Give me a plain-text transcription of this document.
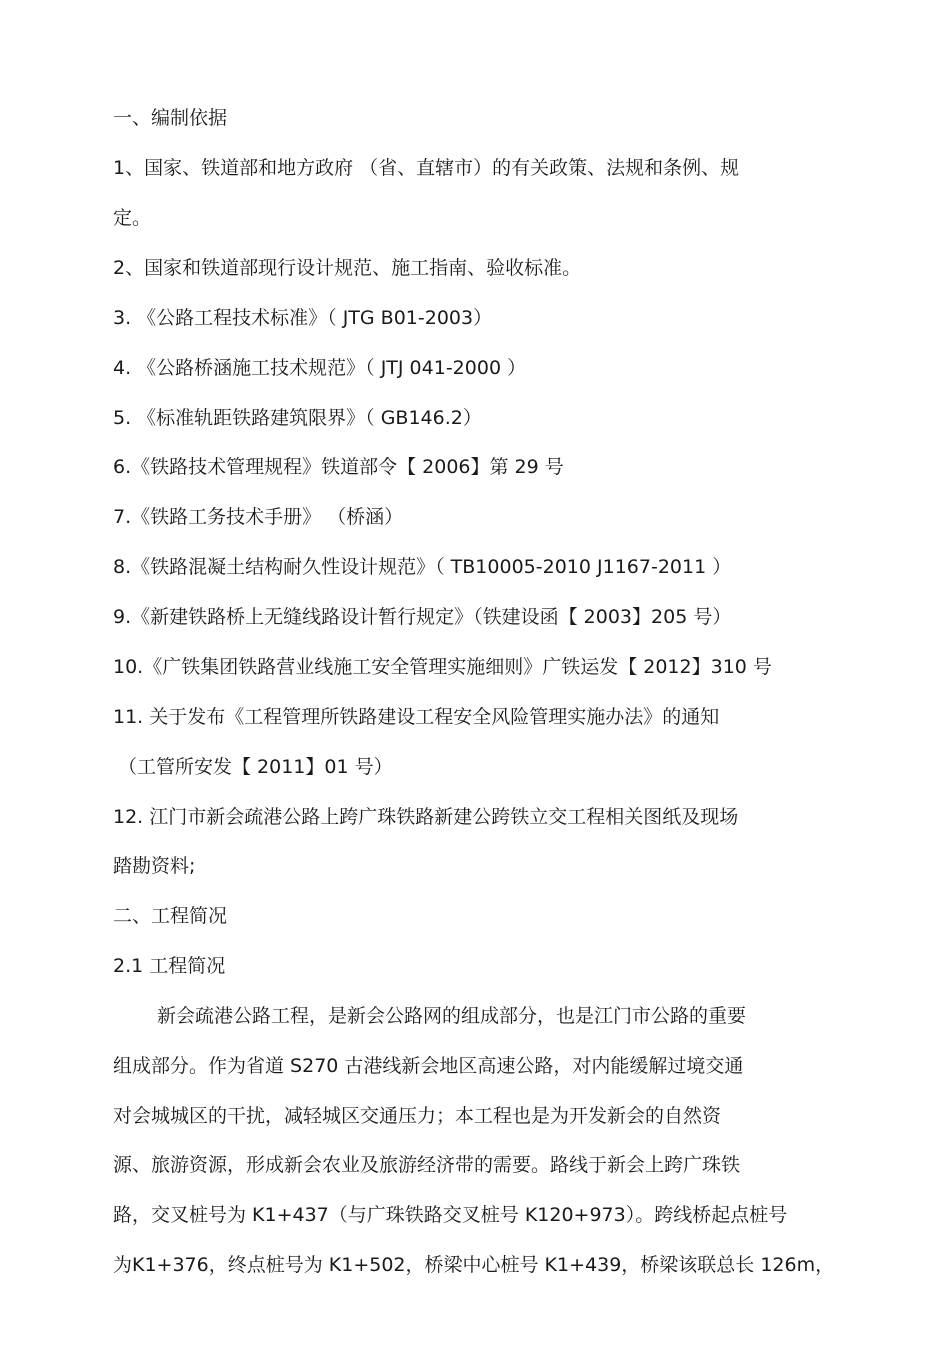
一、编制依据
1、国家、铁道部和地方政府 （省、直辖市）的有关政策、法规和条例、规
定。
2、国家和铁道部现行设计规范、施工指南、验收标准。
3. 《公路工程技术标准》（ JTG B01-2003）
4. 《公路桥涵施工技术规范》（ JTJ 041-2000 ）
5. 《标准轨距铁路建筑限界》（ GB146.2）
6.《铁路技术管理规程》铁道部令【 2006】第 29 号
7.《铁路工务技术手册》 （桥涵）
8.《铁路混凝土结构耐久性设计规范》（ TB10005-2010 J1167-2011 ）
9.《新建铁路桥上无缝线路设计暂行规定》（铁建设函【 2003】205 号）
10.《广铁集团铁路营业线施工安全管理实施细则》广铁运发【 2012】310 号
11. 关于发布《工程管理所铁路建设工程安全风险管理实施办法》的通知
（工管所安发【 2011】01 号）
12. 江门市新会疏港公路上跨广珠铁路新建公跨铁立交工程相关图纸及现场
踏勘资料;
二、工程简况
2.1 工程简况
新会疏港公路工程，是新会公路网的组成部分，也是江门市公路的重要
组成部分。作为省道 S270 古港线新会地区高速公路，对内能缓解过境交通
对会城城区的干扰，减轻城区交通压力；本工程也是为开发新会的自然资
源、旅游资源，形成新会农业及旅游经济带的需要。路线于新会上跨广珠铁
路，交叉桩号为 K1+437（与广珠铁路交叉桩号 K120+973）。跨线桥起点桩号
为K1+376，终点桩号为 K1+502，桥梁中心桩号 K1+439，桥梁该联总长 126m，
